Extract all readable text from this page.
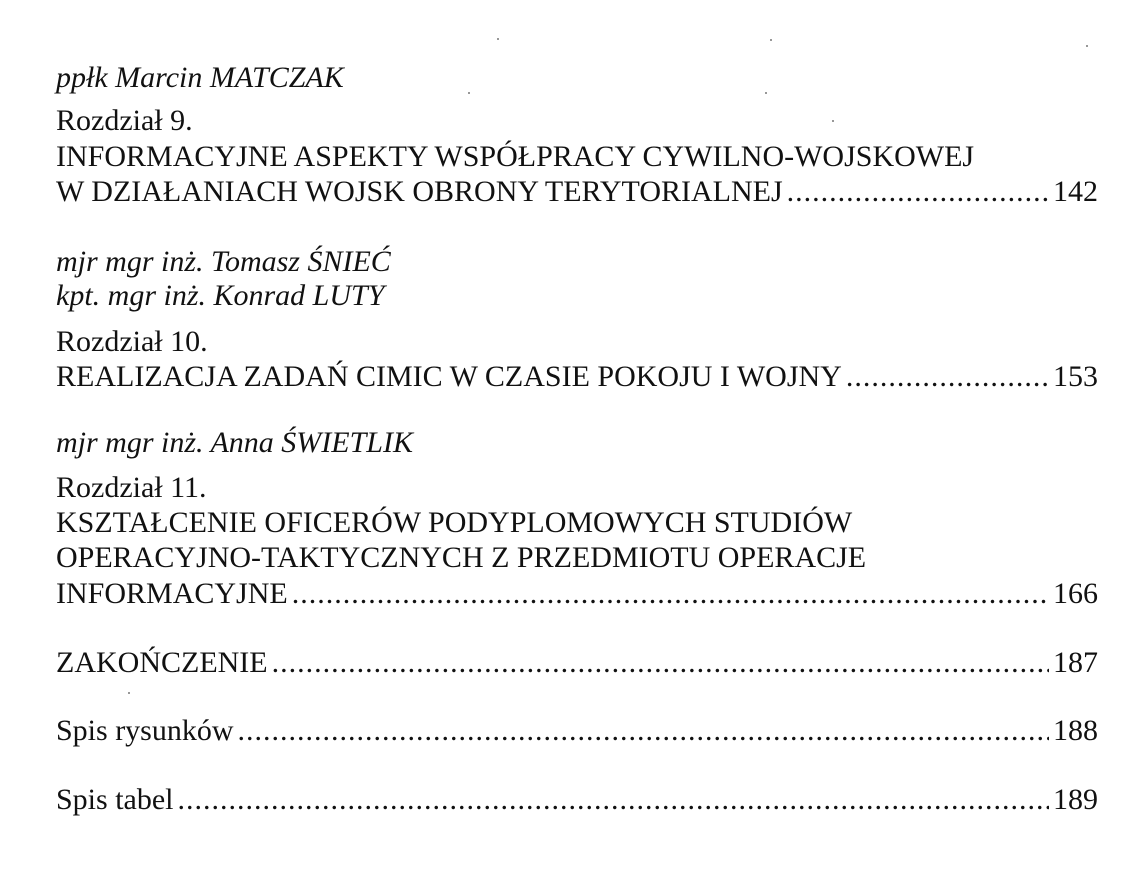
ppłk Marcin MATCZAK
Rozdział 9.
INFORMACYJNE ASPEKTY WSPÓŁPRACY CYWILNO-WOJSKOWEJ
W DZIAŁANIACH WOJSK OBRONY TERYTORIALNEJ .....	142
mjr mgr inż. Tomasz ŚNIEĆ
kpt. mgr inż. Konrad LUTY
Rozdział 10.
REALIZACJA ZADAŃ CIMIC W CZASIE POKOJU I WOJNY .....	153
mjr mgr inż. Anna ŚWIETLIK
Rozdział 11.
KSZTAŁCENIE OFICERÓW PODYPLOMOWYCH STUDIÓW
OPERACYJNO-TAKTYCZNYCH Z PRZEDMIOTU OPERACJE
INFORMACYJNE .....	166
ZAKOŃCZENIE .....	187
Spis rysunków .....	188
Spis tabel .....	189
